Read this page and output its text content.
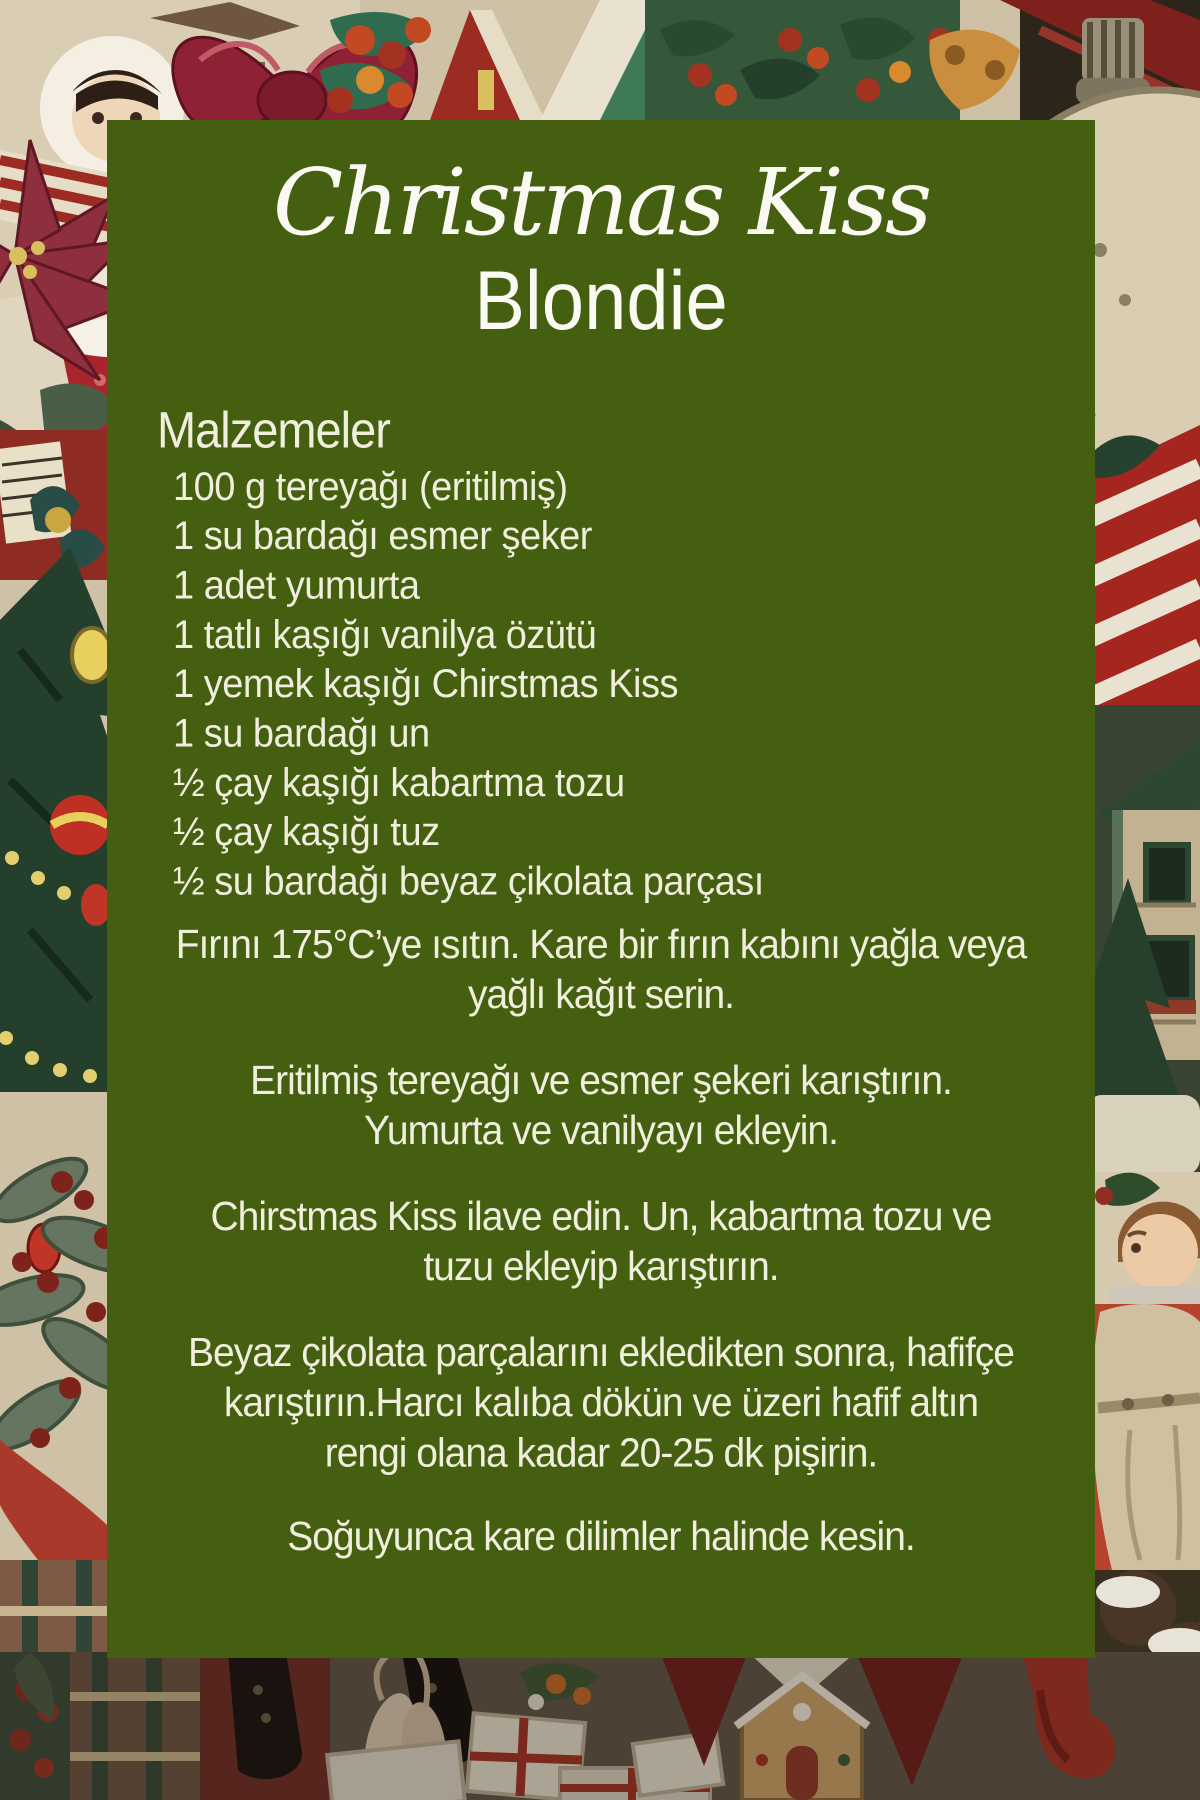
Christmas Kiss
Blondie
Malzemeler
100 g tereyağı (eritilmiş)
1 su bardağı esmer şeker
1 adet yumurta
1 tatlı kaşığı vanilya özütü
1 yemek kaşığı Chirstmas Kiss
1 su bardağı un
½ çay kaşığı kabartma tozu
½ çay kaşığı tuz
½ su bardağı beyaz çikolata parçası

Fırını 175°C’ye ısıtın. Kare bir fırın kabını yağla veya
yağlı kağıt serin.

Eritilmiş tereyağı ve esmer şekeri karıştırın.
Yumurta ve vanilyayı ekleyin.

Chirstmas Kiss ilave edin. Un, kabartma tozu ve
tuzu ekleyip karıştırın.

Beyaz çikolata parçalarını ekledikten sonra, hafifçe
karıştırın.Harcı kalıba dökün ve üzeri hafif altın
rengi olana kadar 20-25 dk pişirin.

Soğuyunca kare dilimler halinde kesin.
